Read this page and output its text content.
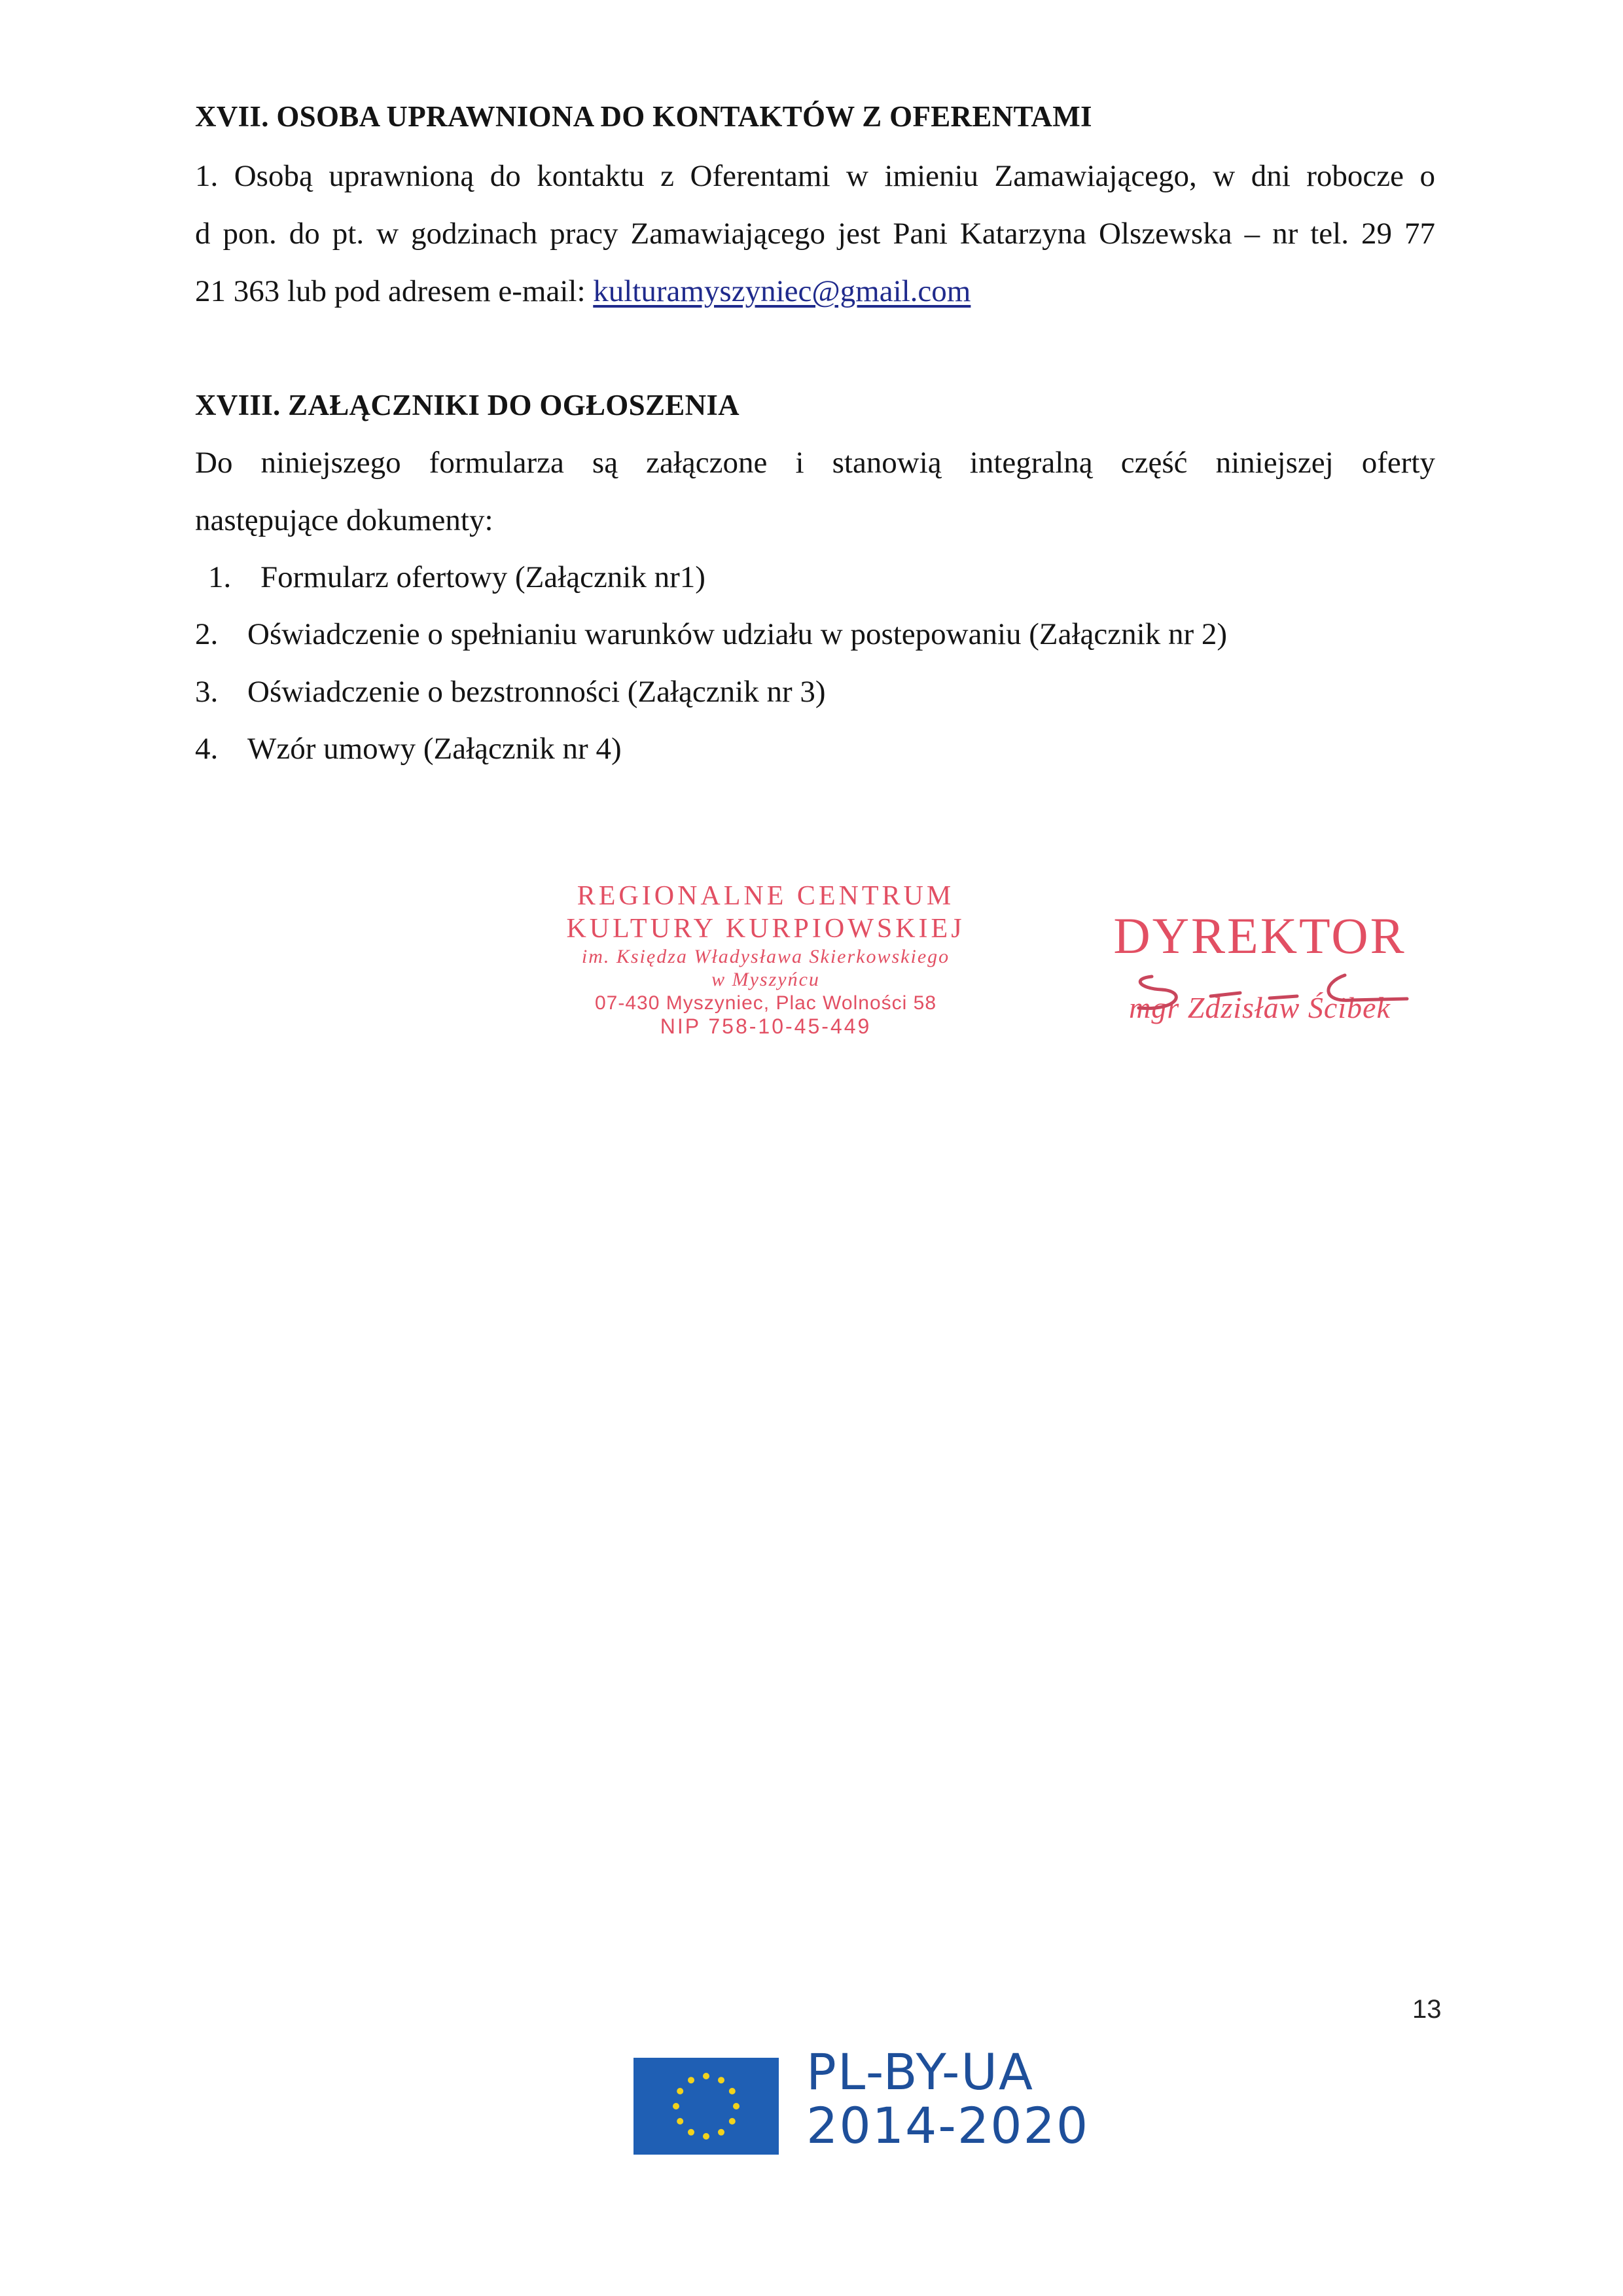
XVII. OSOBA UPRAWNIONA DO KONTAKTÓW Z OFERENTAMI

1. Osobą uprawnioną do kontaktu z Oferentami w imieniu Zamawiającego, w dni robocze o

d pon. do pt. w godzinach pracy Zamawiającego jest Pani Katarzyna Olszewska – nr tel. 29 77

21 363 lub pod adresem e-mail: kulturamyszyniec@gmail.com

XVIII. ZAŁĄCZNIKI DO OGŁOSZENIA

Do niniejszego formularza są załączone i stanowią integralną część niniejszej oferty

następujące dokumenty:

1. Formularz ofertowy (Załącznik nr1)

2. Oświadczenie o spełnianiu warunków udziału w postepowaniu (Załącznik nr 2)

3. Oświadczenie o bezstronności (Załącznik nr 3)

4. Wzór umowy (Załącznik nr 4)

REGIONALNE CENTRUM
KULTURY KURPIOWSKIEJ
im. Księdza Władysława Skierkowskiego
w Myszyńcu
07-430 Myszyniec, Plac Wolności 58
NIP 758-10-45-449
DYREKTOR
mgr Zdzisław Ścibek
13
PL-BY-UA
2014-2020
